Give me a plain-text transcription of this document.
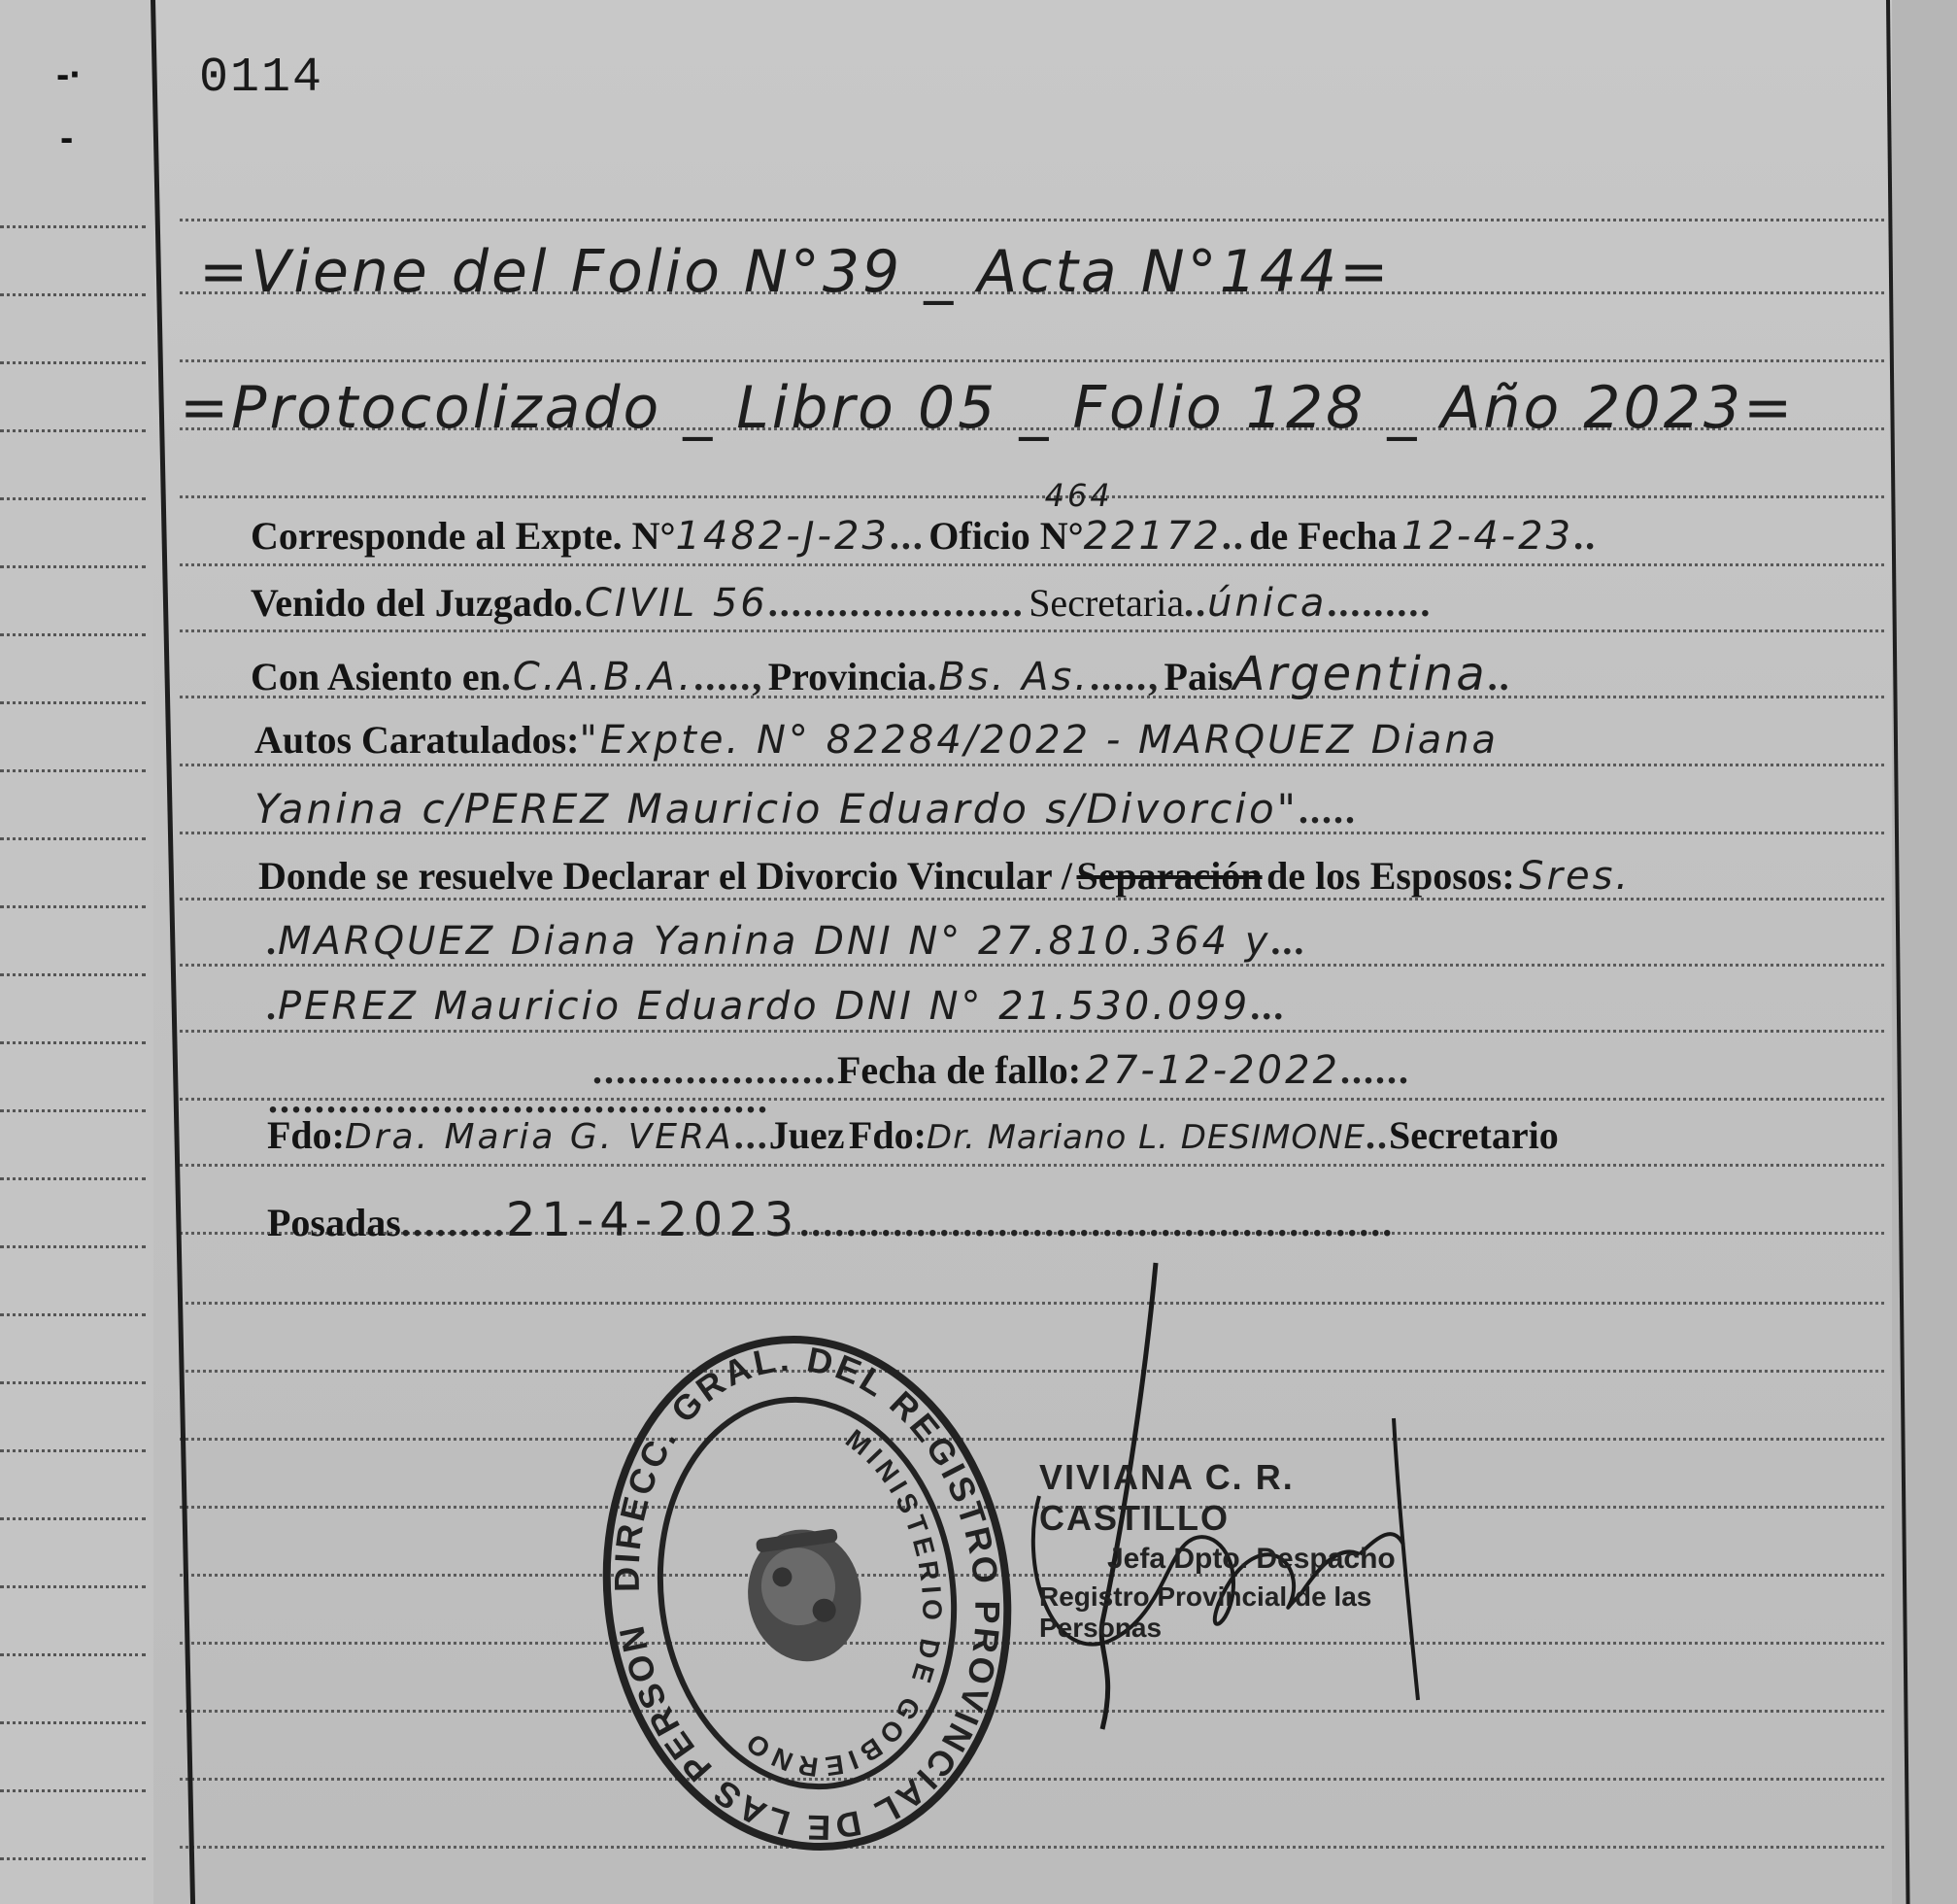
-·
-
0114
=Viene del Folio N°39 _ Acta N°144=
=Protocolizado _ Libro 05 _ Folio 128 _ Año 2023=
Corresponde al Expte. N°1482-J-23... Oficio N°
464
22172.. de Fecha 12-4-23..
Venido del Juzgado.CIVIL 56...................... Secretaria..única.........
Con Asiento en.C.A.B.A......, Provincia.Bs. As......, PaisArgentina..
Autos Caratulados:"Expte. N° 82284/2022 - MARQUEZ Diana
Yanina c/PEREZ Mauricio Eduardo s/Divorcio".....
Donde se resuelve Declarar el Divorcio Vincular / Separación de los Esposos: Sres.
.MARQUEZ Diana Yanina DNI N° 27.810.364 y...
.PEREZ Mauricio Eduardo DNI N° 21.530.099...
.....................Fecha de fallo: 27-12-2022......
...........................................
Fdo:Dra. Maria G. VERA...Juez Fdo:Dr. Mariano L. DESIMONE..Secretario
Posadas.........21-4-2023...................................................
DIRECC. GRAL. DEL REGISTRO PROVINCIAL DE LAS PERSONAS
MINISTERIO DE GOBIERNO
VIVIANA C. R. CASTILLO
Jefa Dpto. Despacho
Registro Provincial de las Personas
